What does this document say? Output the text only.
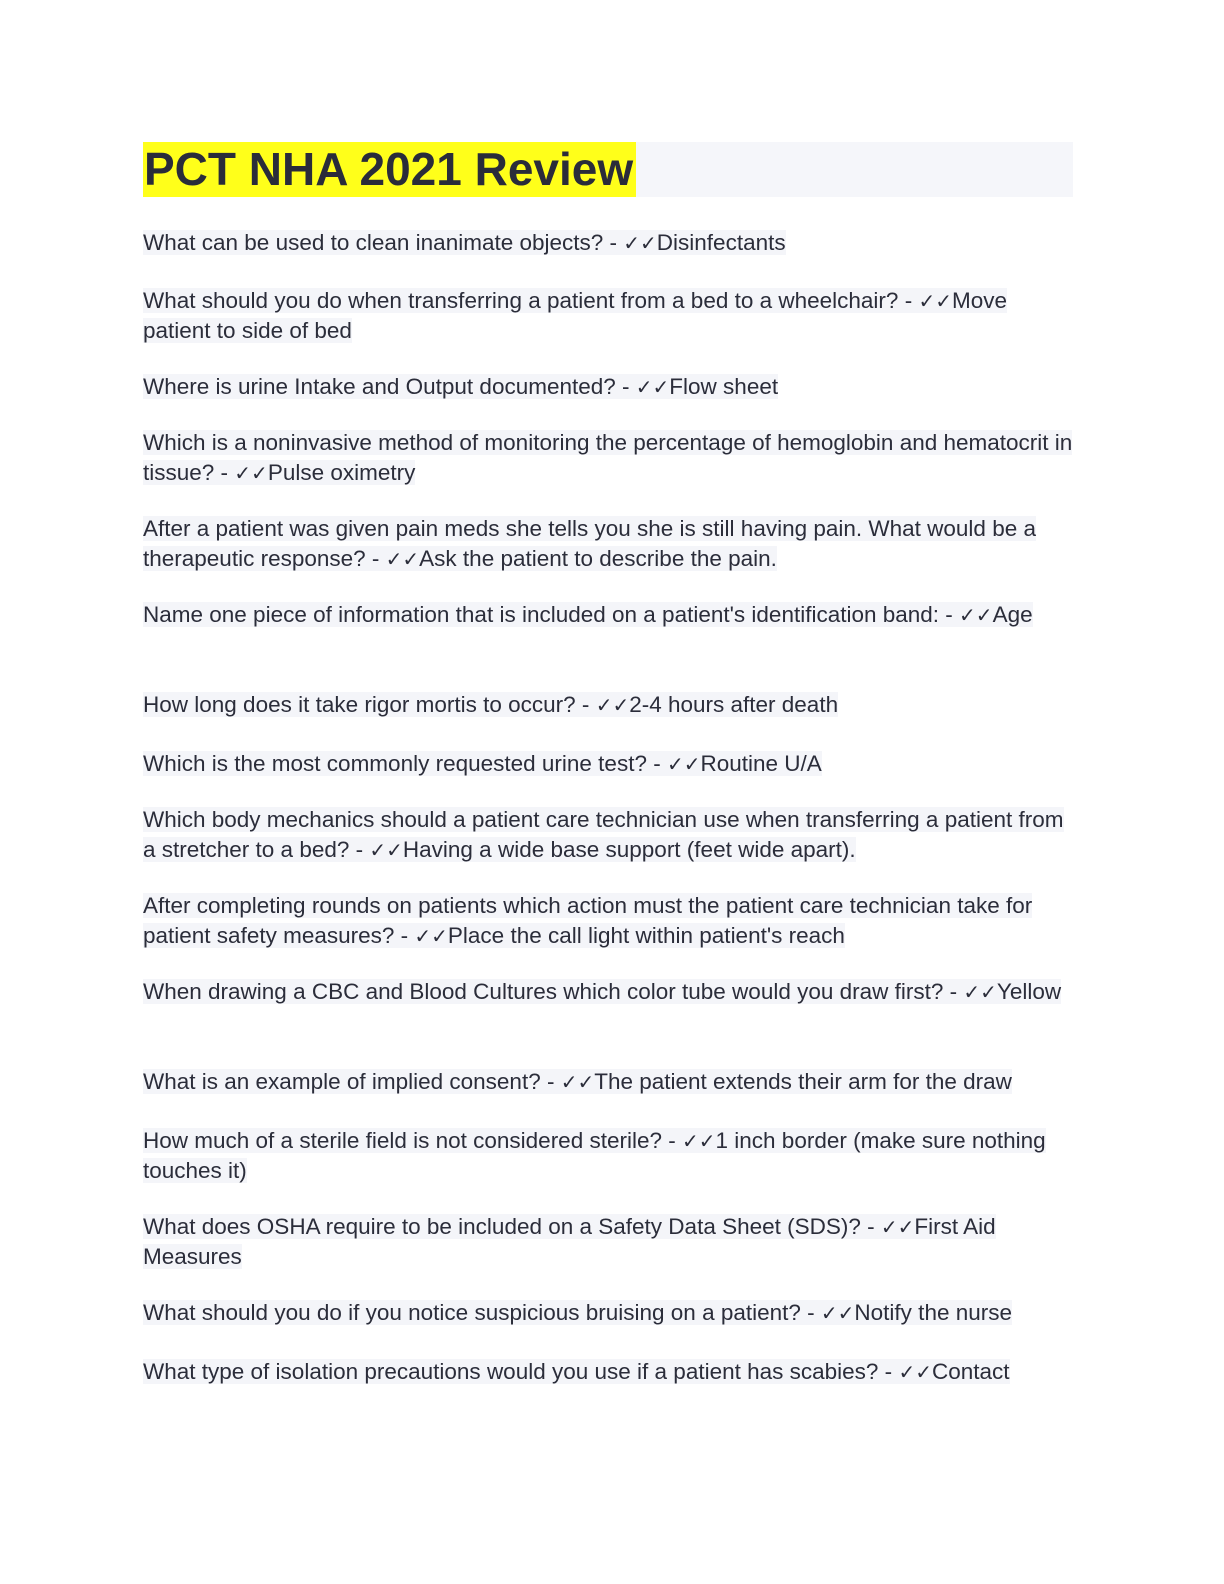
PCT NHA 2021 Review

What can be used to clean inanimate objects? - ✓✓Disinfectants

What should you do when transferring a patient from a bed to a wheelchair? - ✓✓Move patient to side of bed

Where is urine Intake and Output documented? - ✓✓Flow sheet

Which is a noninvasive method of monitoring the percentage of hemoglobin and hematocrit in tissue? - ✓✓Pulse oximetry

After a patient was given pain meds she tells you she is still having pain. What would be a therapeutic response? - ✓✓Ask the patient to describe the pain.

Name one piece of information that is included on a patient's identification band: - ✓✓Age

How long does it take rigor mortis to occur? - ✓✓2-4 hours after death

Which is the most commonly requested urine test? - ✓✓Routine U/A

Which body mechanics should a patient care technician use when transferring a patient from a stretcher to a bed? - ✓✓Having a wide base support (feet wide apart).

After completing rounds on patients which action must the patient care technician take for patient safety measures? - ✓✓Place the call light within patient's reach

When drawing a CBC and Blood Cultures which color tube would you draw first? - ✓✓Yellow

What is an example of implied consent? - ✓✓The patient extends their arm for the draw

How much of a sterile field is not considered sterile? - ✓✓1 inch border (make sure nothing touches it)

What does OSHA require to be included on a Safety Data Sheet (SDS)? - ✓✓First Aid Measures

What should you do if you notice suspicious bruising on a patient? - ✓✓Notify the nurse

What type of isolation precautions would you use if a patient has scabies? - ✓✓Contact
